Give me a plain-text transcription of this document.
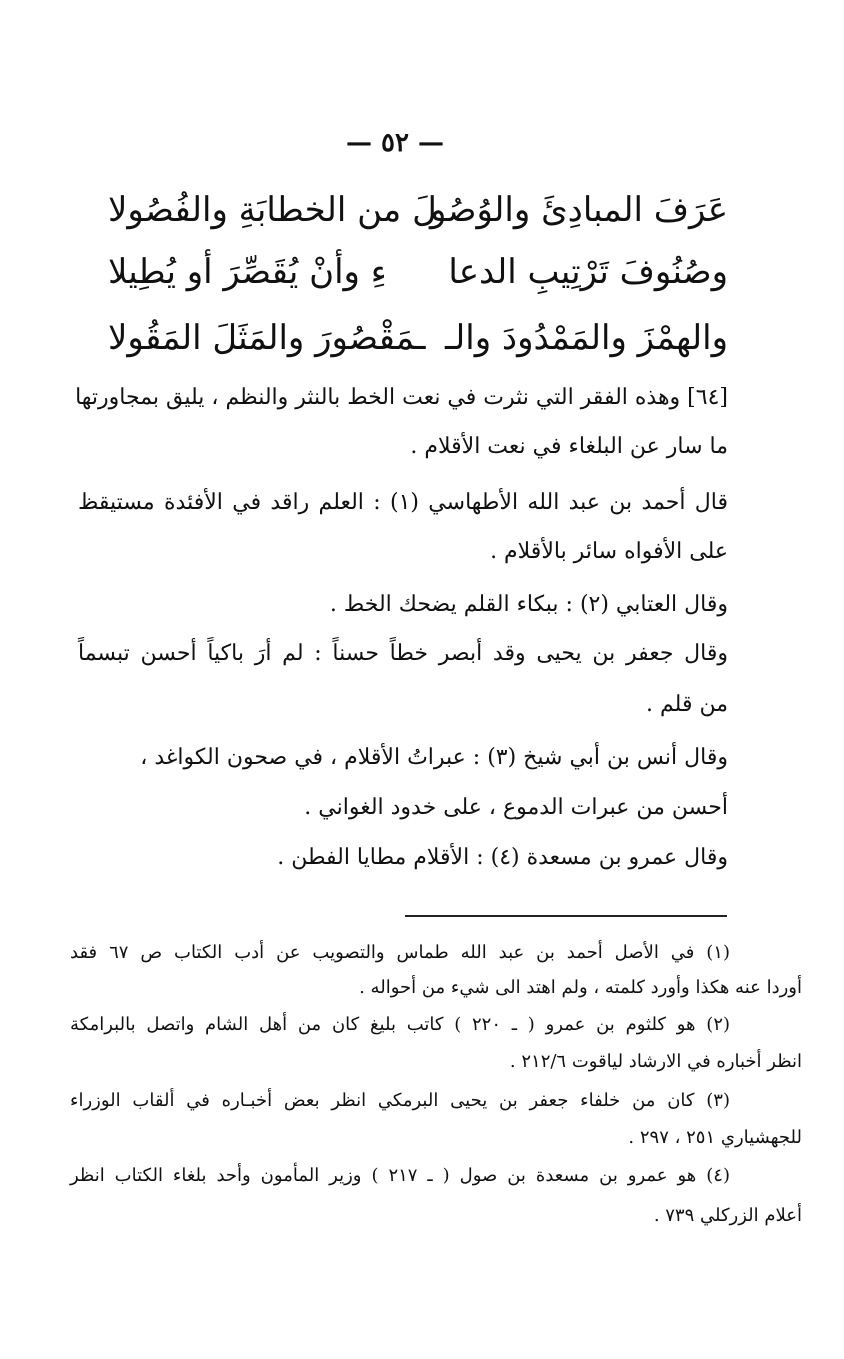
— ٥٢ —
عَرَفَ المبادِئَ والوُصُو
لَ من الخطابَةِ والفُصُولا
وصُنُوفَ تَرْتِيبِ الدعا
ءِ وأنْ يُقَصِّرَ أو يُطِيلا
والهمْزَ والمَمْدُودَ والـ
ـمَقْصُورَ والمَثَلَ المَقُولا
[٦٤] وهذه الفقر التي نثرت في نعت الخط بالنثر والنظم ، يليق بمجاورتها
ما سار عن البلغاء في نعت الأقلام .
قال أحمد بن عبد الله الأطهاسي (١) : العلم راقد في الأفئدة مستيقظ
على الأفواه سائر بالأقلام .
وقال العتابي (٢) : ببكاء القلم يضحك الخط .
وقال جعفر بن يحيى وقد أبصر خطاً حسناً : لم أرَ باكياً أحسن تبسماً
من قلم .
وقال أنس بن أبي شيخ (٣) : عبراتُ الأقلام ، في صحون الكواغد ،
أحسن من عبرات الدموع ، على خدود الغواني .
وقال عمرو بن مسعدة (٤) : الأقلام مطايا الفطن .
(١) في الأصل أحمد بن عبد الله طماس والتصويب عن أدب الكتاب ص ٦٧ فقد
أوردا عنه هكذا وأورد كلمته ، ولم اهتد الى شيء من أحواله .
(٢) هو كلثوم بن عمرو ( ـ ٢٢٠ ) كاتب بليغ كان من أهل الشام واتصل بالبرامكة
انظر أخباره في الارشاد لياقوت ٢١٢/٦ .
(٣) كان من خلفاء جعفر بن يحيى البرمكي انظر بعض أخبـاره في ألقاب الوزراء
للجهشياري ٢٥١ ، ٢٩٧ .
(٤) هو عمرو بن مسعدة بن صول ( ـ ٢١٧ ) وزير المأمون وأحد بلغاء الكتاب انظر
أعلام الزركلي ٧٣٩ .
